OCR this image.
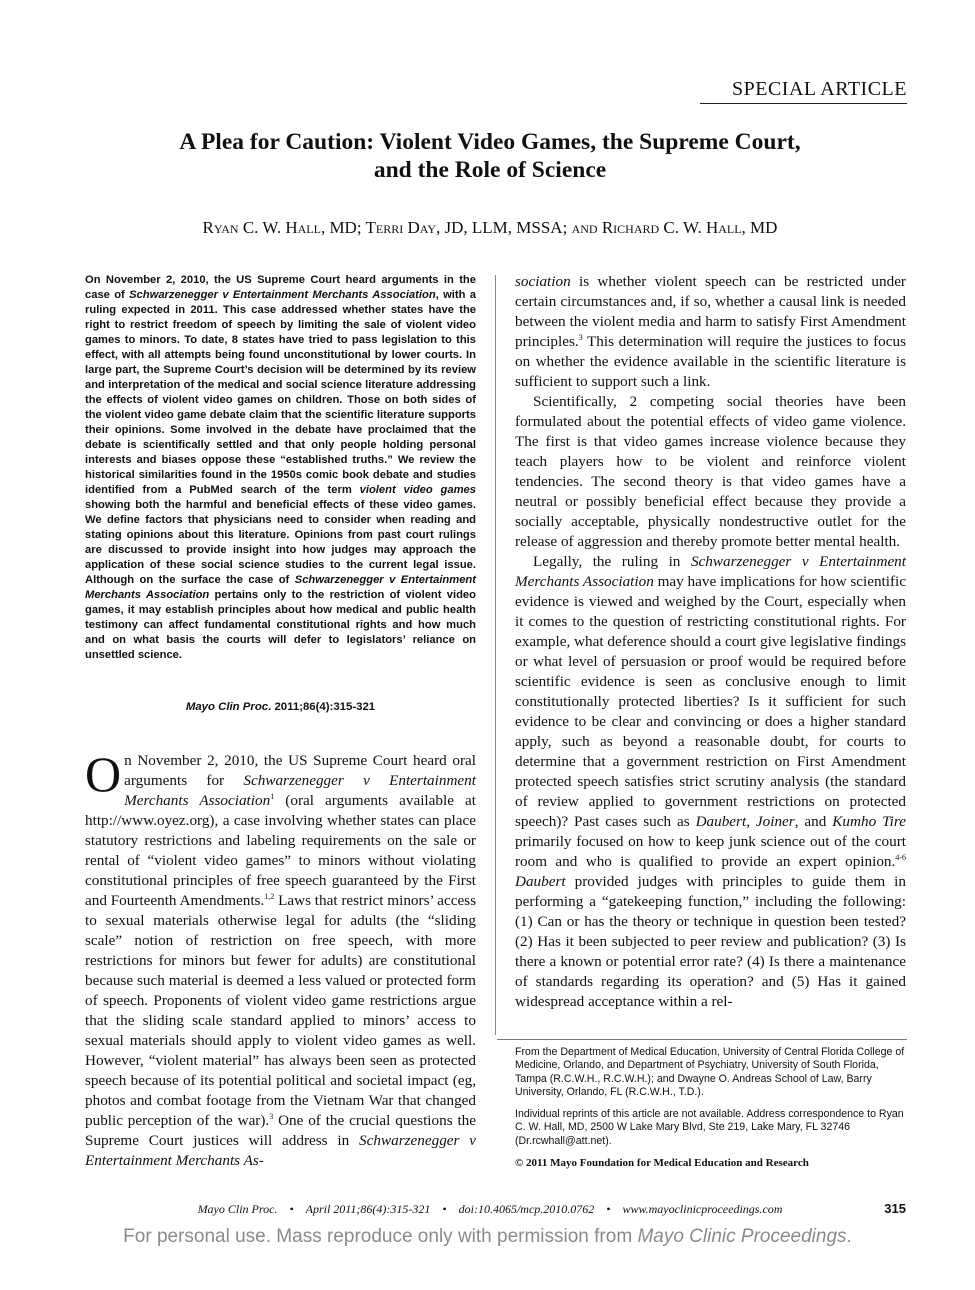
SPECIAL ARTICLE
A Plea for Caution: Violent Video Games, the Supreme Court,
and the Role of Science
Ryan C. W. Hall, MD; Terri Day, JD, LLM, MSSA; and Richard C. W. Hall, MD

On November 2, 2010, the US Supreme Court heard arguments in the case of Schwarzenegger v Entertainment Merchants Association, with a ruling expected in 2011. This case addressed whether states have the right to restrict freedom of speech by limiting the sale of violent video games to minors. To date, 8 states have tried to pass legislation to this effect, with all attempts being found unconstitutional by lower courts. In large part, the Supreme Court’s decision will be determined by its review and interpretation of the medical and social science literature addressing the effects of violent video games on children. Those on both sides of the violent video game debate claim that the scientific literature supports their opinions. Some involved in the debate have proclaimed that the debate is scientifically settled and that only people holding personal interests and biases oppose these “established truths.” We review the historical similarities found in the 1950s comic book debate and studies identified from a PubMed search of the term violent video games showing both the harmful and beneficial effects of these video games. We define factors that physicians need to consider when reading and stating opinions about this literature. Opinions from past court rulings are discussed to provide insight into how judges may approach the application of these social science studies to the current legal issue. Although on the surface the case of Schwarzenegger v Entertainment Merchants Association pertains only to the restriction of violent video games, it may establish principles about how medical and public health testimony can affect fundamental constitutional rights and how much and on what basis the courts will defer to legislators’ reliance on unsettled science.

Mayo Clin Proc. 2011;86(4):315-321

On November 2, 2010, the US Supreme Court heard oral arguments for Schwarzenegger v Entertainment Merchants Association$^1$ (oral arguments available at http://www.oyez.org), a case involving whether states can place statutory restrictions and labeling requirements on the sale or rental of “violent video games” to minors without violating constitutional principles of free speech guaranteed by the First and Fourteenth Amendments.$^{1,2}$ Laws that restrict minors’ access to sexual materials otherwise legal for adults (the “sliding scale” notion of restriction on free speech, with more restrictions for minors but fewer for adults) are constitutional because such material is deemed a less valued or protected form of speech. Proponents of violent video game restrictions argue that the sliding scale standard applied to minors’ access to sexual materials should apply to violent video games as well. However, “violent material” has always been seen as protected speech because of its potential political and societal impact (eg, photos and combat footage from the Vietnam War that changed public perception of the war).$^3$ One of the crucial questions the Supreme Court justices will address in Schwarzenegger v Entertainment Merchants As-

sociation is whether violent speech can be restricted under certain circumstances and, if so, whether a causal link is needed between the violent media and harm to satisfy First Amendment principles.$^3$ This determination will require the justices to focus on whether the evidence available in the scientific literature is sufficient to support such a link.

Scientifically, 2 competing social theories have been formulated about the potential effects of video game violence. The first is that video games increase violence because they teach players how to be violent and reinforce violent tendencies. The second theory is that video games have a neutral or possibly beneficial effect because they provide a socially acceptable, physically nondestructive outlet for the release of aggression and thereby promote better mental health.

Legally, the ruling in Schwarzenegger v Entertainment Merchants Association may have implications for how scientific evidence is viewed and weighed by the Court, especially when it comes to the question of restricting constitutional rights. For example, what deference should a court give legislative findings or what level of persuasion or proof would be required before scientific evidence is seen as conclusive enough to limit constitutionally protected liberties? Is it sufficient for such evidence to be clear and convincing or does a higher standard apply, such as beyond a reasonable doubt, for courts to determine that a government restriction on First Amendment protected speech satisfies strict scrutiny analysis (the standard of review applied to government restrictions on protected speech)? Past cases such as Daubert, Joiner, and Kumho Tire primarily focused on how to keep junk science out of the court room and who is qualified to provide an expert opinion.$^{4-6}$ Daubert provided judges with principles to guide them in performing a “gatekeeping function,” including the following: (1) Can or has the theory or technique in question been tested? (2) Has it been subjected to peer review and publication? (3) Is there a known or potential error rate? (4) Is there a maintenance of standards regarding its operation? and (5) Has it gained widespread acceptance within a rel-

From the Department of Medical Education, University of Central Florida College of Medicine, Orlando, and Department of Psychiatry, University of South Florida, Tampa (R.C.W.H., R.C.W.H.); and Dwayne O. Andreas School of Law, Barry University, Orlando, FL (R.C.W.H., T.D.).

Individual reprints of this article are not available. Address correspondence to Ryan C. W. Hall, MD, 2500 W Lake Mary Blvd, Ste 219, Lake Mary, FL 32746 (Dr.rcwhall@att.net).

© 2011 Mayo Foundation for Medical Education and Research

Mayo Clin Proc. • April 2011;86(4):315-321 • doi:10.4065/mcp.2010.0762 • www.mayoclinicproceedings.com	315
For personal use. Mass reproduce only with permission from Mayo Clinic Proceedings.
